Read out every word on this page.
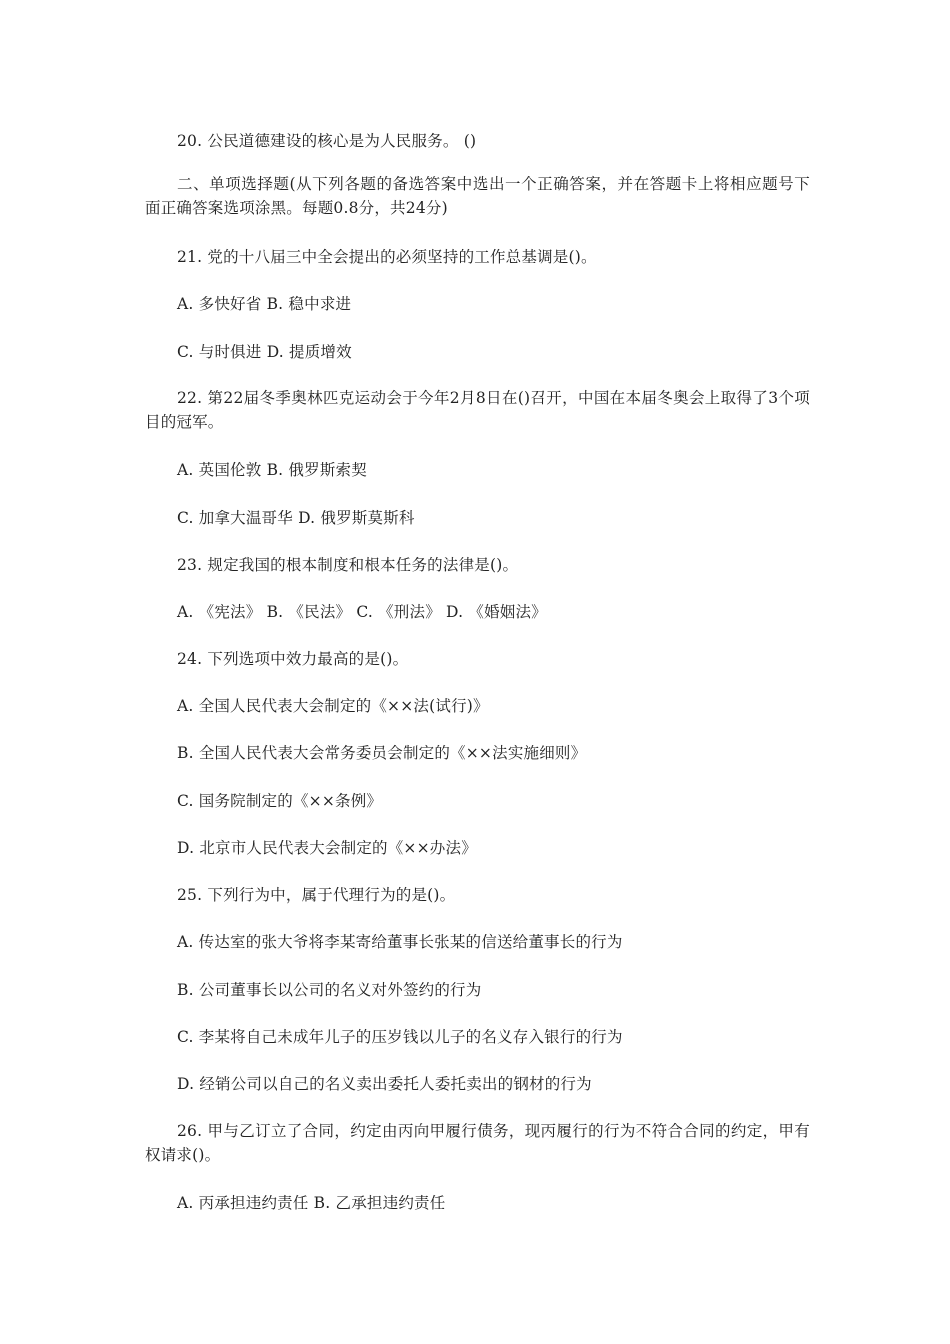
20. 公民道德建设的核心是为人民服务。 ()
二、单项选择题(从下列各题的备选答案中选出一个正确答案，并在答题卡上将相应题号下面正确答案选项涂黑。每题0.8分，共24分)
21. 党的十八届三中全会提出的必须坚持的工作总基调是()。
A. 多快好省 B. 稳中求进
C. 与时俱进 D. 提质增效
22. 第22届冬季奥林匹克运动会于今年2月8日在()召开，中国在本届冬奥会上取得了3个项目的冠军。
A. 英国伦敦 B. 俄罗斯索契
C. 加拿大温哥华 D. 俄罗斯莫斯科
23. 规定我国的根本制度和根本任务的法律是()。
A. 《宪法》 B. 《民法》 C. 《刑法》 D. 《婚姻法》
24. 下列选项中效力最高的是()。
A. 全国人民代表大会制定的《××法(试行)》
B. 全国人民代表大会常务委员会制定的《××法实施细则》
C. 国务院制定的《××条例》
D. 北京市人民代表大会制定的《××办法》
25. 下列行为中，属于代理行为的是()。
A. 传达室的张大爷将李某寄给董事长张某的信送给董事长的行为
B. 公司董事长以公司的名义对外签约的行为
C. 李某将自己未成年儿子的压岁钱以儿子的名义存入银行的行为
D. 经销公司以自己的名义卖出委托人委托卖出的钢材的行为
26. 甲与乙订立了合同，约定由丙向甲履行债务，现丙履行的行为不符合合同的约定，甲有权请求()。
A. 丙承担违约责任 B. 乙承担违约责任
